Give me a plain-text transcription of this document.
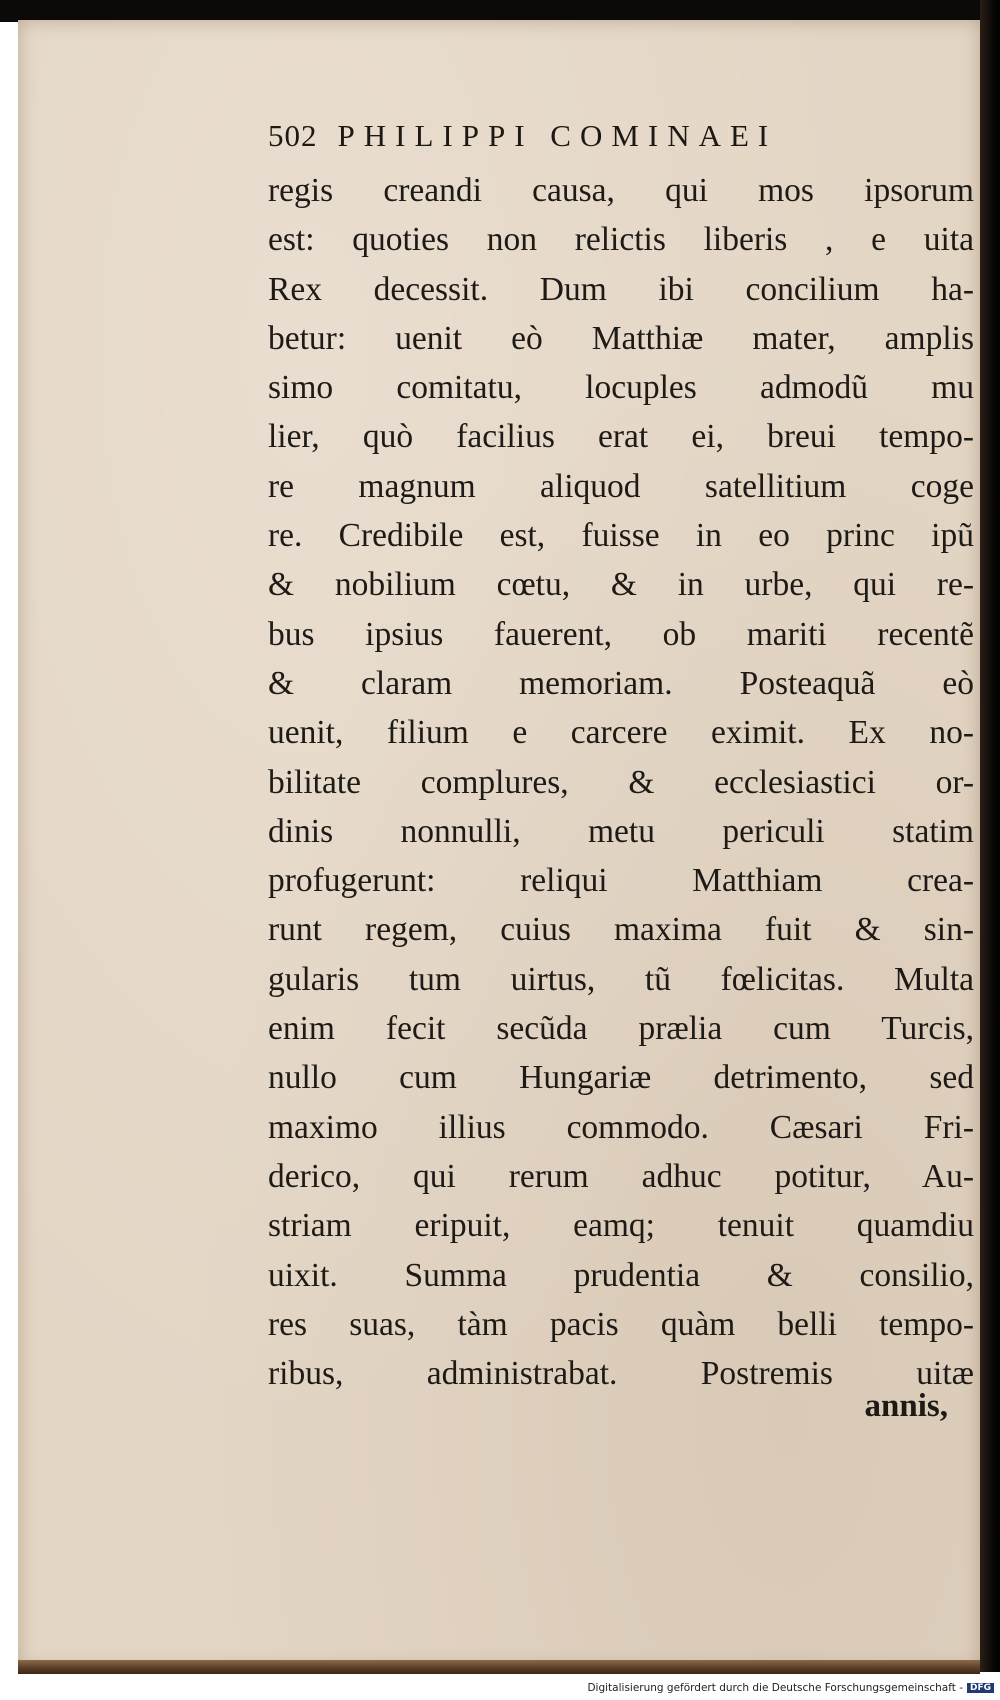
502 PHILIPPI COMINAEI
regis creandi causa, qui mos ipsorum
est: quoties non relictis liberis , e uita
Rex decessit. Dum ibi concilium ha-
betur: uenit eò Matthiæ mater, amplis
simo comitatu, locuples admodũ mu
lier, quò facilius erat ei, breui tempo-
re magnum aliquod satellitium coge
re. Credibile est, fuisse in eo princ ipũ
& nobilium cœtu, & in urbe, qui re-
bus ipsius fauerent, ob mariti recentẽ
& claram memoriam. Posteaquã eò
uenit, filium e carcere eximit. Ex no-
bilitate complures, & ecclesiastici or-
dinis nonnulli, metu periculi statim
profugerunt: reliqui Matthiam crea-
runt regem, cuius maxima fuit & sin-
gularis tum uirtus, tũ fœlicitas. Multa
enim fecit secũda prælia cum Turcis,
nullo cum Hungariæ detrimento, sed
maximo illius commodo. Cæsari Fri-
derico, qui rerum adhuc potitur, Au-
striam eripuit, eamq; tenuit quamdiu
uixit. Summa prudentia & consilio,
res suas, tàm pacis quàm belli tempo-
ribus, administrabat. Postremis uitæ
annis,
Digitalisierung gefördert durch die Deutsche Forschungsgemeinschaft - DFG
